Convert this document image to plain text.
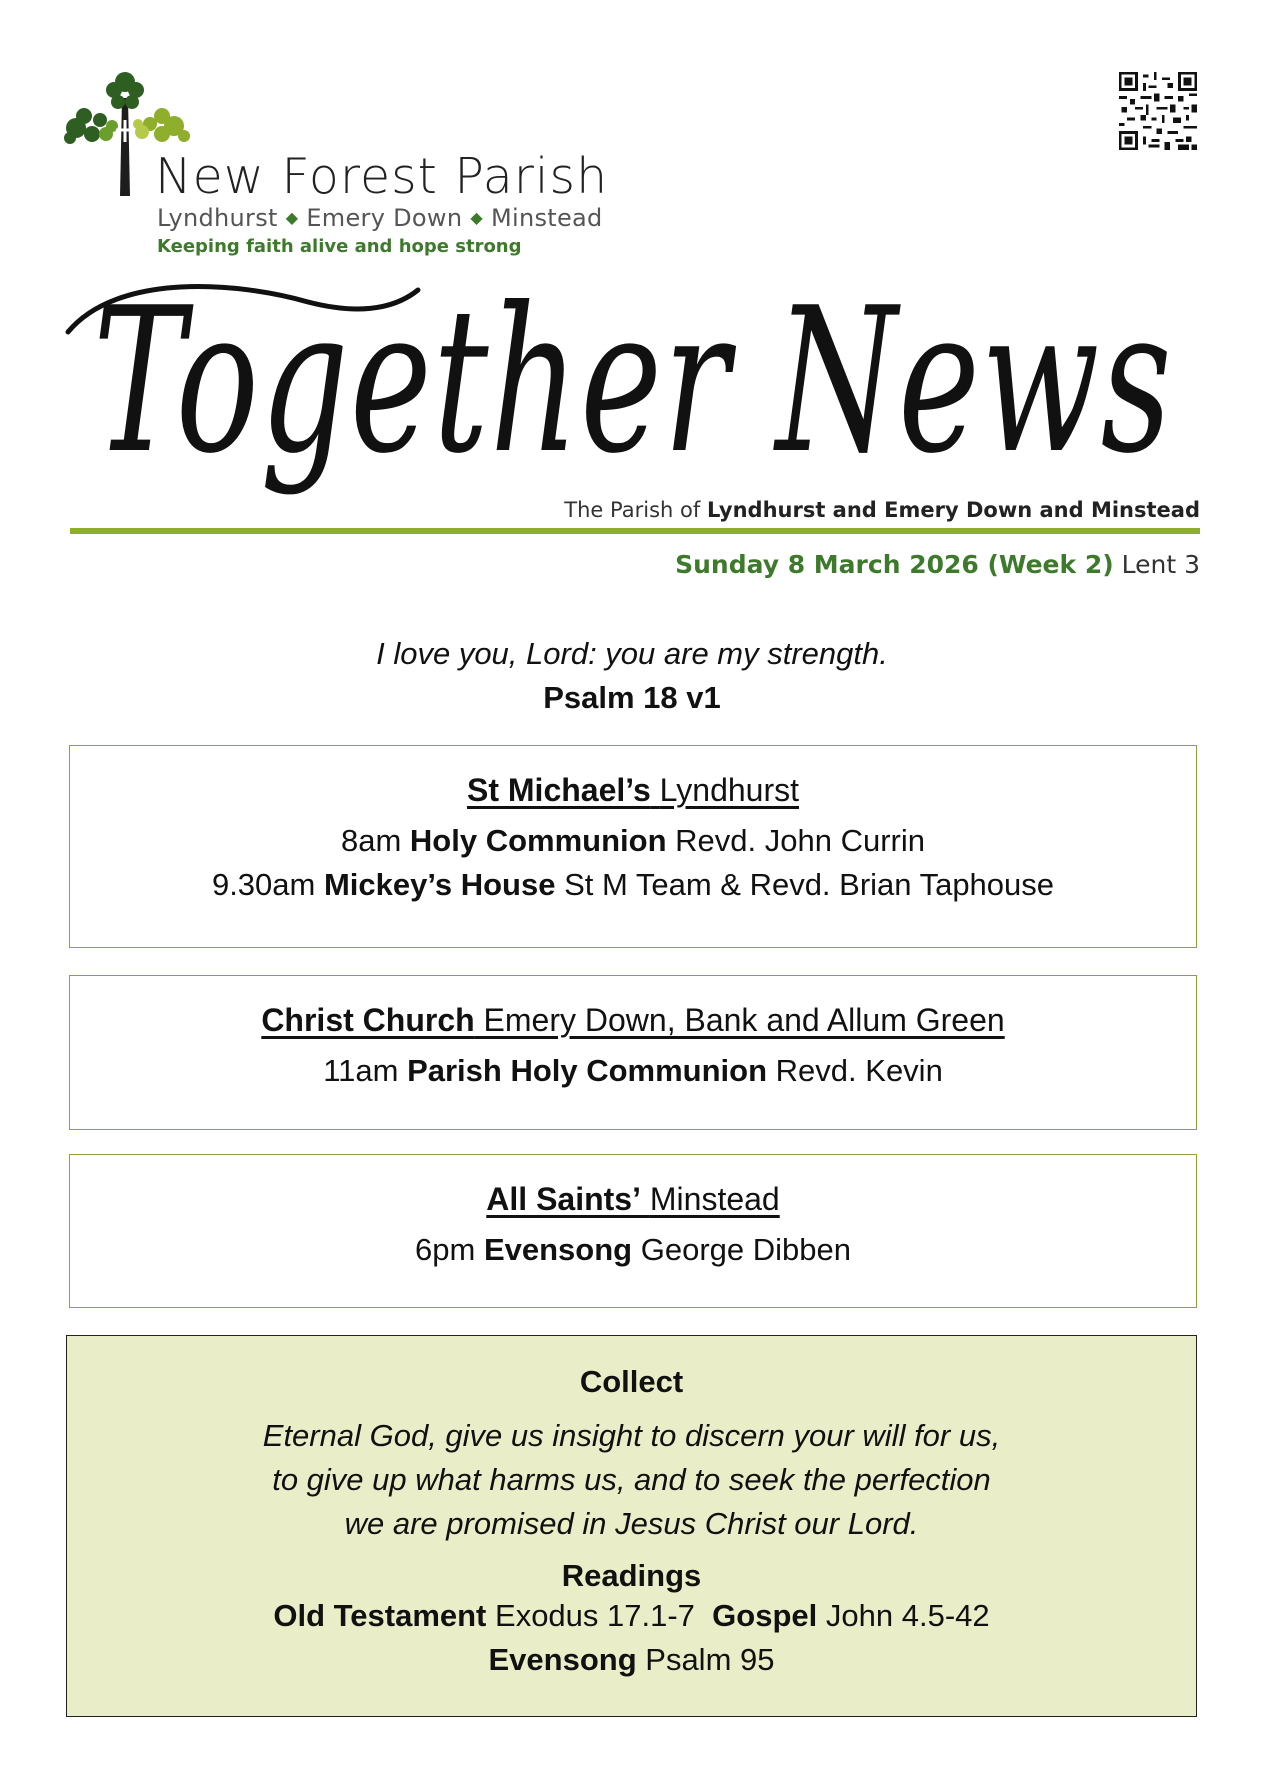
New Forest Parish
Lyndhurst ◆ Emery Down ◆ Minstead
Keeping faith alive and hope strong
Together News
The Parish of Lyndhurst and Emery Down and Minstead
Sunday 8 March 2026 (Week 2) Lent 3
I love you, Lord: you are my strength.
Psalm 18 v1
St Michael’s Lyndhurst
8am Holy Communion Revd. John Currin
9.30am Mickey’s House St M Team & Revd. Brian Taphouse
Christ Church Emery Down, Bank and Allum Green
11am Parish Holy Communion Revd. Kevin
All Saints’ Minstead
6pm Evensong George Dibben
Collect
Eternal God, give us insight to discern your will for us,
to give up what harms us, and to seek the perfection
we are promised in Jesus Christ our Lord.
Readings
Old Testament Exodus 17.1-7 Gospel John 4.5-42
Evensong Psalm 95
